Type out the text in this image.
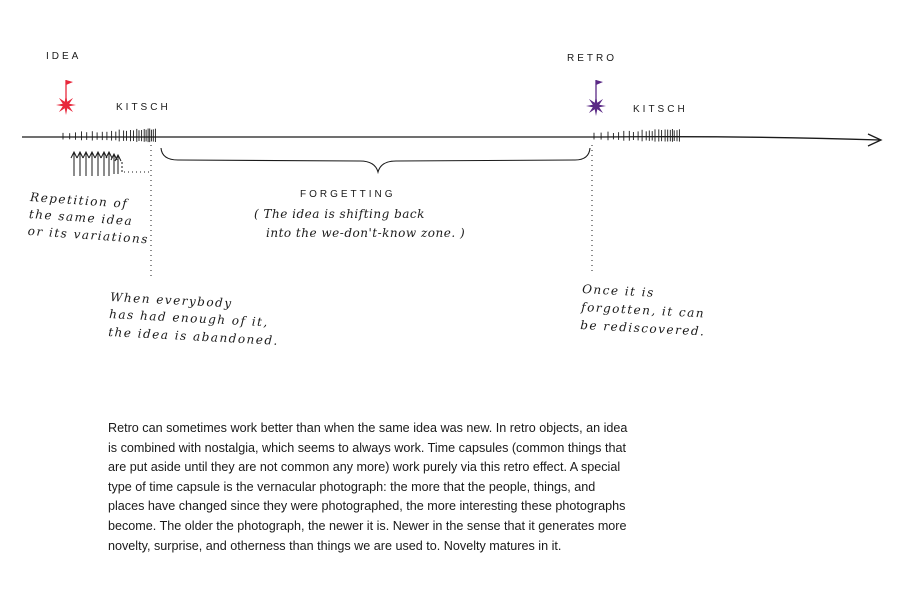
IDEA
KITSCH
RETRO
KITSCH
FORGETTING
( The idea is shifting back
into the we-don't-know zone. )
Repetition of
the same idea
or its variations
When everybody
has had enough of it,
the idea is abandoned.
Once it is
forgotten, it can
be rediscovered.

Retro can sometimes work better than when the same idea was new. In retro objects, an idea is combined with nostalgia, which seems to always work. Time capsules (common things that are put aside until they are not common any more) work purely via this retro effect. A special type of time capsule is the vernacular photograph: the more that the people, things, and places have changed since they were photographed, the more interesting these photographs become. The older the photograph, the newer it is. Newer in the sense that it generates more novelty, surprise, and otherness than things we are used to. Novelty matures in it.
